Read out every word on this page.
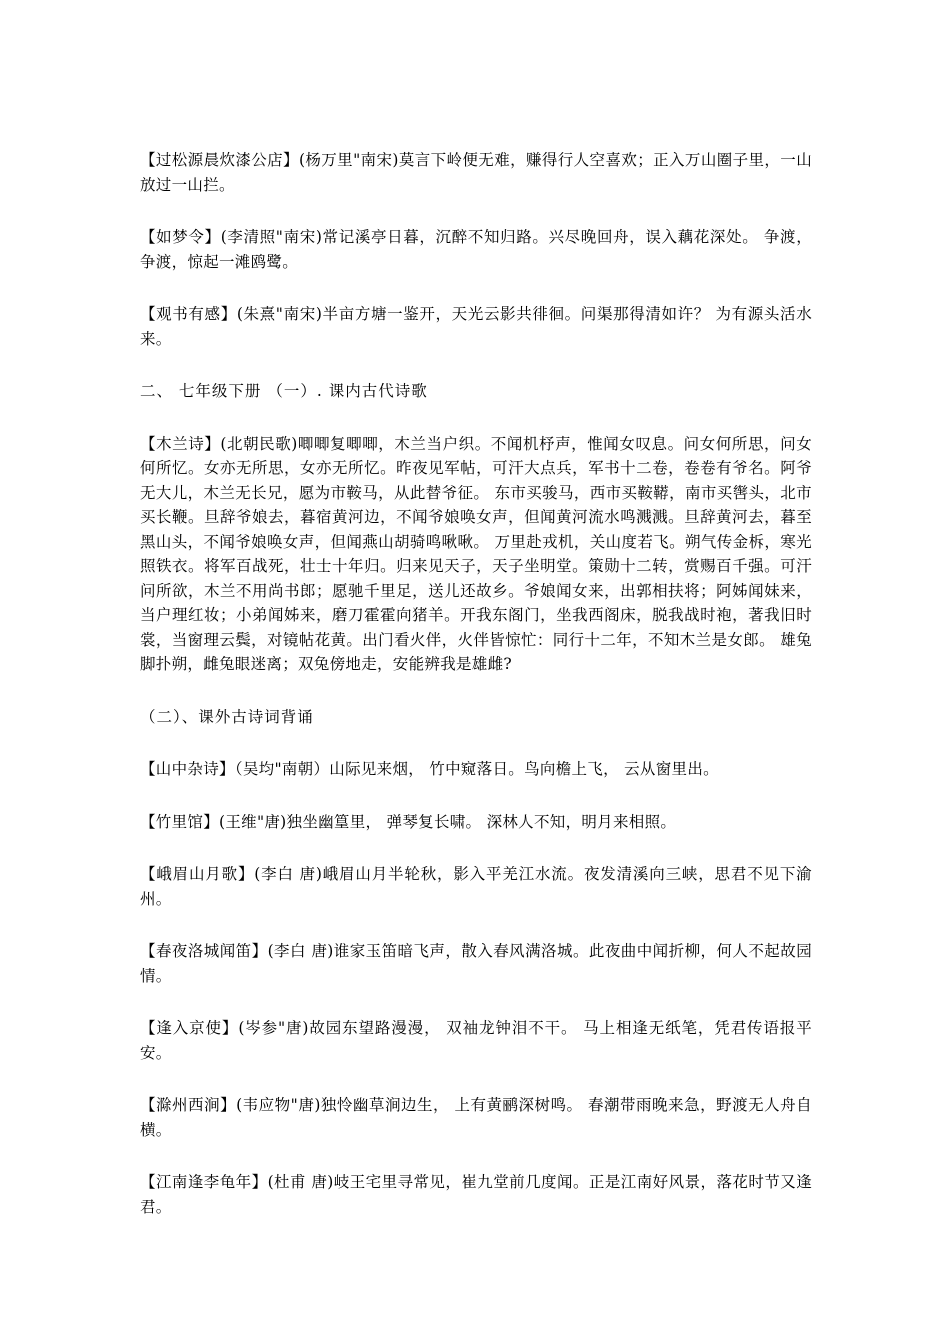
【过松源晨炊漆公店】(杨万里"南宋)莫言下岭便无难，赚得行人空喜欢；正入万山圈子里，一山放过一山拦。

【如梦令】(李清照"南宋)常记溪亭日暮，沉醉不知归路。兴尽晚回舟，误入藕花深处。 争渡，争渡，惊起一滩鸥鹭。

【观书有感】(朱熹"南宋)半亩方塘一鉴开，天光云影共徘徊。问渠那得清如许？ 为有源头活水来。

二、 七年级下册 （一）. 课内古代诗歌

【木兰诗】(北朝民歌)唧唧复唧唧，木兰当户织。不闻机杼声，惟闻女叹息。问女何所思，问女何所忆。女亦无所思，女亦无所忆。昨夜见军帖，可汗大点兵，军书十二卷，卷卷有爷名。阿爷无大儿，木兰无长兄，愿为市鞍马，从此替爷征。 东市买骏马，西市买鞍鞯，南市买辔头，北市买长鞭。旦辞爷娘去，暮宿黄河边，不闻爷娘唤女声，但闻黄河流水鸣溅溅。旦辞黄河去，暮至黑山头，不闻爷娘唤女声，但闻燕山胡骑鸣啾啾。 万里赴戎机，关山度若飞。朔气传金柝，寒光照铁衣。将军百战死，壮士十年归。归来见天子，天子坐明堂。策勋十二转，赏赐百千强。可汗问所欲，木兰不用尚书郎；愿驰千里足，送儿还故乡。爷娘闻女来，出郭相扶将；阿姊闻妹来，当户理红妆；小弟闻姊来，磨刀霍霍向猪羊。开我东阁门，坐我西阁床，脱我战时袍，著我旧时裳，当窗理云鬓，对镜帖花黄。出门看火伴，火伴皆惊忙：同行十二年，不知木兰是女郎。 雄兔脚扑朔，雌兔眼迷离；双兔傍地走，安能辨我是雄雌?

（二）、课外古诗词背诵

【山中杂诗】（吴均"南朝）山际见来烟， 竹中窥落日。鸟向檐上飞， 云从窗里出。

【竹里馆】(王维"唐)独坐幽篁里， 弹琴复长啸。 深林人不知，明月来相照。

【峨眉山月歌】(李白 唐)峨眉山月半轮秋，影入平羌江水流。夜发清溪向三峡，思君不见下渝州。

【春夜洛城闻笛】(李白 唐)谁家玉笛暗飞声，散入春风满洛城。此夜曲中闻折柳，何人不起故园情。

【逢入京使】(岑参"唐)故园东望路漫漫， 双袖龙钟泪不干。 马上相逢无纸笔，凭君传语报平安。

【滁州西涧】(韦应物"唐)独怜幽草涧边生， 上有黄鹂深树鸣。 春潮带雨晚来急，野渡无人舟自横。

【江南逢李龟年】(杜甫 唐)岐王宅里寻常见，崔九堂前几度闻。正是江南好风景，落花时节又逢君。
